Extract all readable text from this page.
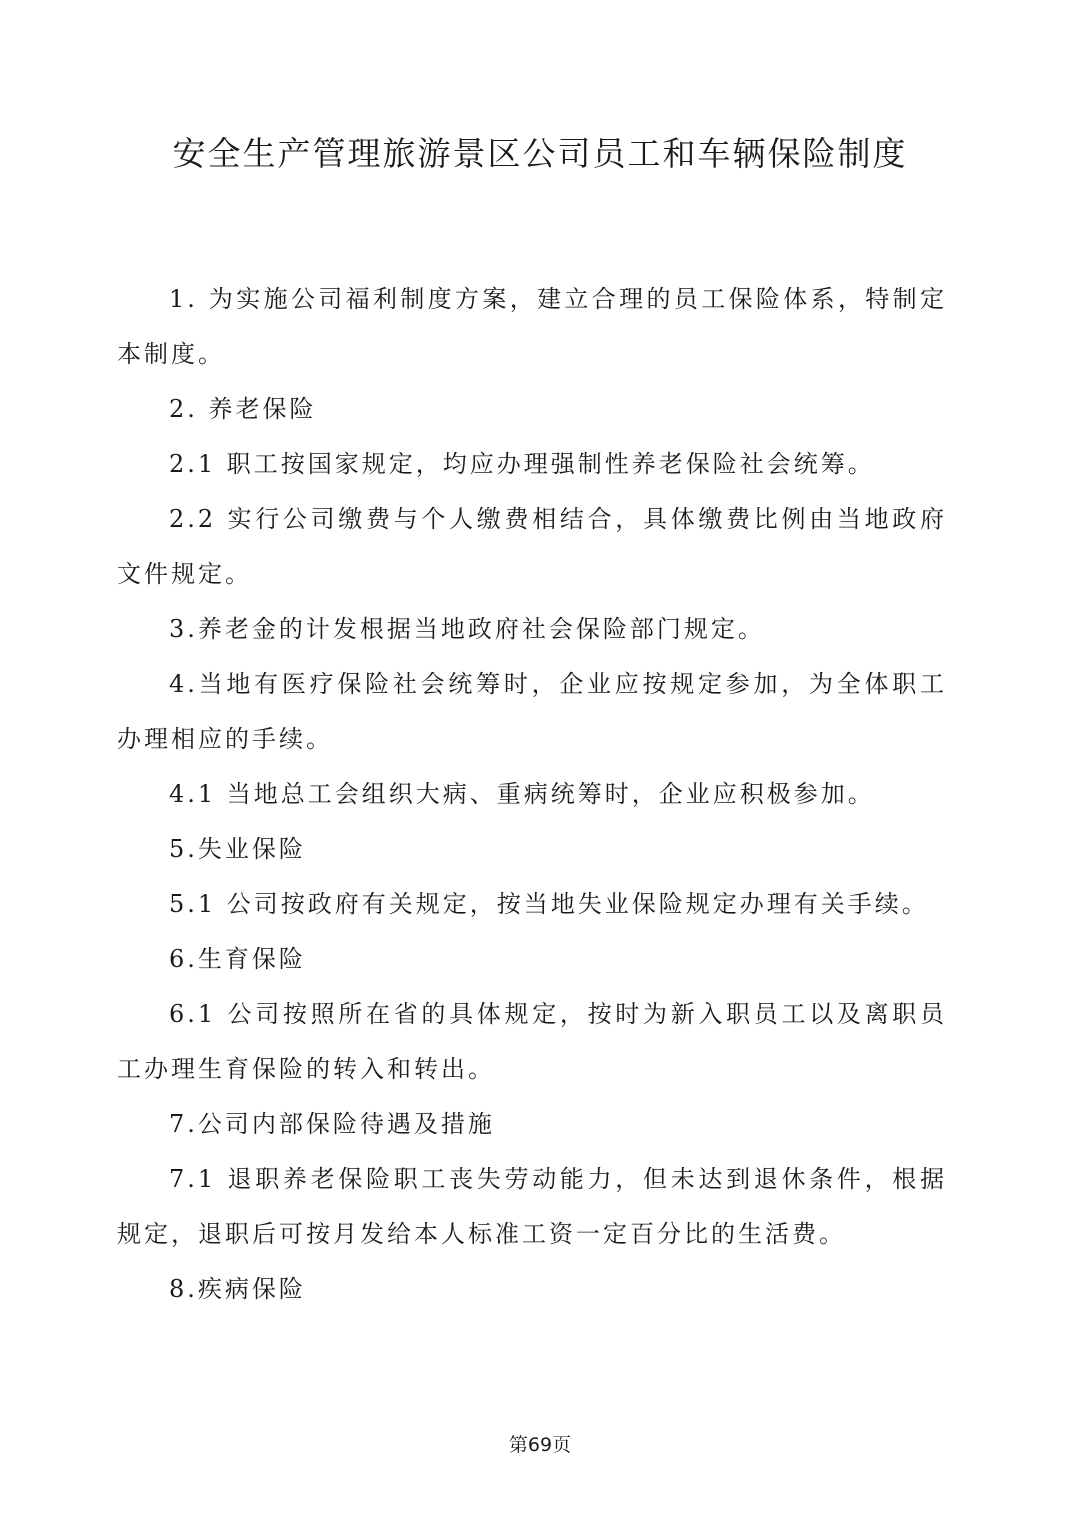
安全生产管理旅游景区公司员工和车辆保险制度

1. 为实施公司福利制度方案，建立合理的员工保险体系，特制定本制度。

2. 养老保险

2.1 职工按国家规定，均应办理强制性养老保险社会统筹。

2.2 实行公司缴费与个人缴费相结合，具体缴费比例由当地政府文件规定。

3.养老金的计发根据当地政府社会保险部门规定。

4.当地有医疗保险社会统筹时，企业应按规定参加，为全体职工办理相应的手续。

4.1 当地总工会组织大病、重病统筹时，企业应积极参加。

5.失业保险

5.1 公司按政府有关规定，按当地失业保险规定办理有关手续。

6.生育保险

6.1 公司按照所在省的具体规定，按时为新入职员工以及离职员工办理生育保险的转入和转出。

7.公司内部保险待遇及措施

7.1 退职养老保险职工丧失劳动能力，但未达到退休条件，根据规定，退职后可按月发给本人标准工资一定百分比的生活费。

8.疾病保险

第69页
